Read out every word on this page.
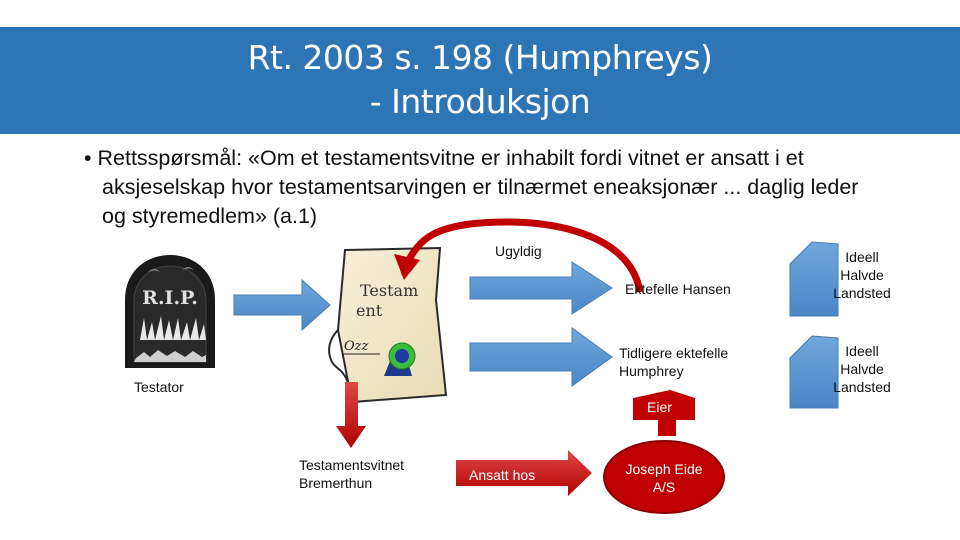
Rt. 2003 s. 198 (Humphreys)
- Introduksjon
• Rettsspørsmål: «Om et testamentsvitne er inhabilt fordi vitnet er ansatt i et aksjeselskap hvor testamentsarvingen er tilnærmet eneaksjonær ... daglig leder og styremedlem» (a.1)
R.I.P.	Testam ent
Ozz
Testator
Ugyldig
Ektefelle Hansen
Tidligere ektefelle Humphrey
Eier
Ideell Halvde Landsted
Ideell Halvde Landsted
Testamentsvitnet Bremerthun	Ansatt hos	Joseph Eide A/S
